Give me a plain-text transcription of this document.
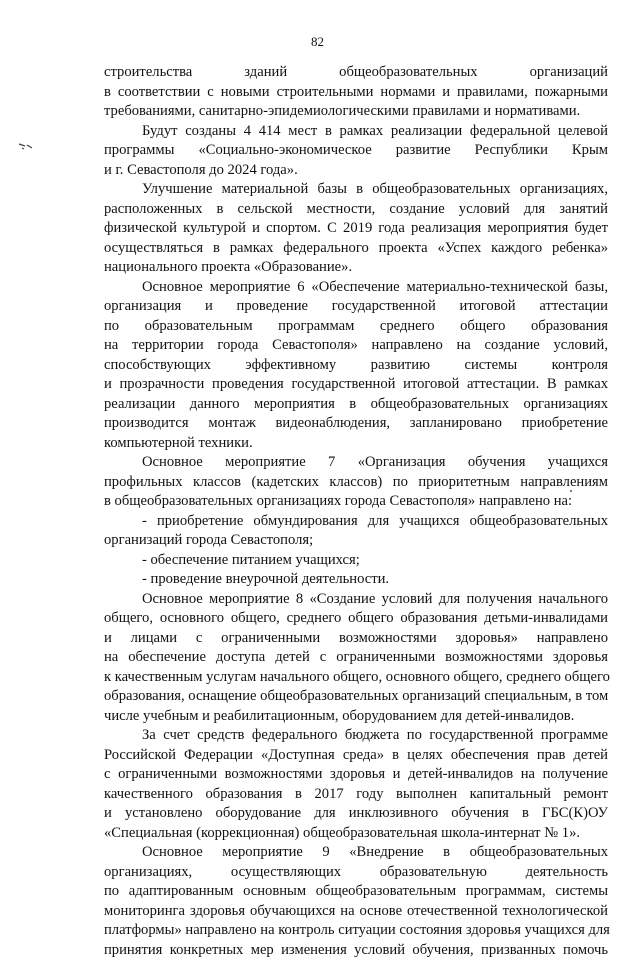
82
строительства зданий общеобразовательных организаций
в соответствии с новыми строительными нормами и правилами, пожарными
требованиями, санитарно-эпидемиологическими правилами и нормативами.
Будут созданы 4 414 мест в рамках реализации федеральной целевой
программы «Социально-экономическое развитие Республики Крым
и г. Севастополя до 2024 года».
Улучшение материальной базы в общеобразовательных организациях,
расположенных в сельской местности, создание условий для занятий
физической культурой и спортом. С 2019 года реализация мероприятия будет
осуществляться в рамках федерального проекта «Успех каждого ребенка»
национального проекта «Образование».
Основное мероприятие 6 «Обеспечение материально-технической базы,
организация и проведение государственной итоговой аттестации
по образовательным программам среднего общего образования
на территории города Севастополя» направлено на создание условий,
способствующих эффективному развитию системы контроля
и прозрачности проведения государственной итоговой аттестации. В рамках
реализации данного мероприятия в общеобразовательных организациях
производится монтаж видеонаблюдения, запланировано приобретение
компьютерной техники.
Основное мероприятие 7 «Организация обучения учащихся
профильных классов (кадетских классов) по приоритетным направлениям
в общеобразовательных организациях города Севастополя» направлено на:
- приобретение обмундирования для учащихся общеобразовательных
организаций города Севастополя;
- обеспечение питанием учащихся;
- проведение внеурочной деятельности.
Основное мероприятие 8 «Создание условий для получения начального
общего, основного общего, среднего общего образования детьми-инвалидами
и лицами с ограниченными возможностями здоровья» направлено
на обеспечение доступа детей с ограниченными возможностями здоровья
к качественным услугам начального общего, основного общего, среднего общего
образования, оснащение общеобразовательных организаций специальным, в том
числе учебным и реабилитационным, оборудованием для детей-инвалидов.
За счет средств федерального бюджета по государственной программе
Российской Федерации «Доступная среда» в целях обеспечения прав детей
с ограниченными возможностями здоровья и детей-инвалидов на получение
качественного образования в 2017 году выполнен капитальный ремонт
и установлено оборудование для инклюзивного обучения в ГБС(К)ОУ
«Специальная (коррекционная) общеобразовательная школа-интернат № 1».
Основное мероприятие 9 «Внедрение в общеобразовательных
организациях, осуществляющих образовательную деятельность
по адаптированным основным общеобразовательным программам, системы
мониторинга здоровья обучающихся на основе отечественной технологической
платформы» направлено на контроль ситуации состояния здоровья учащихся для
принятия конкретных мер изменения условий обучения, призванных помочь
